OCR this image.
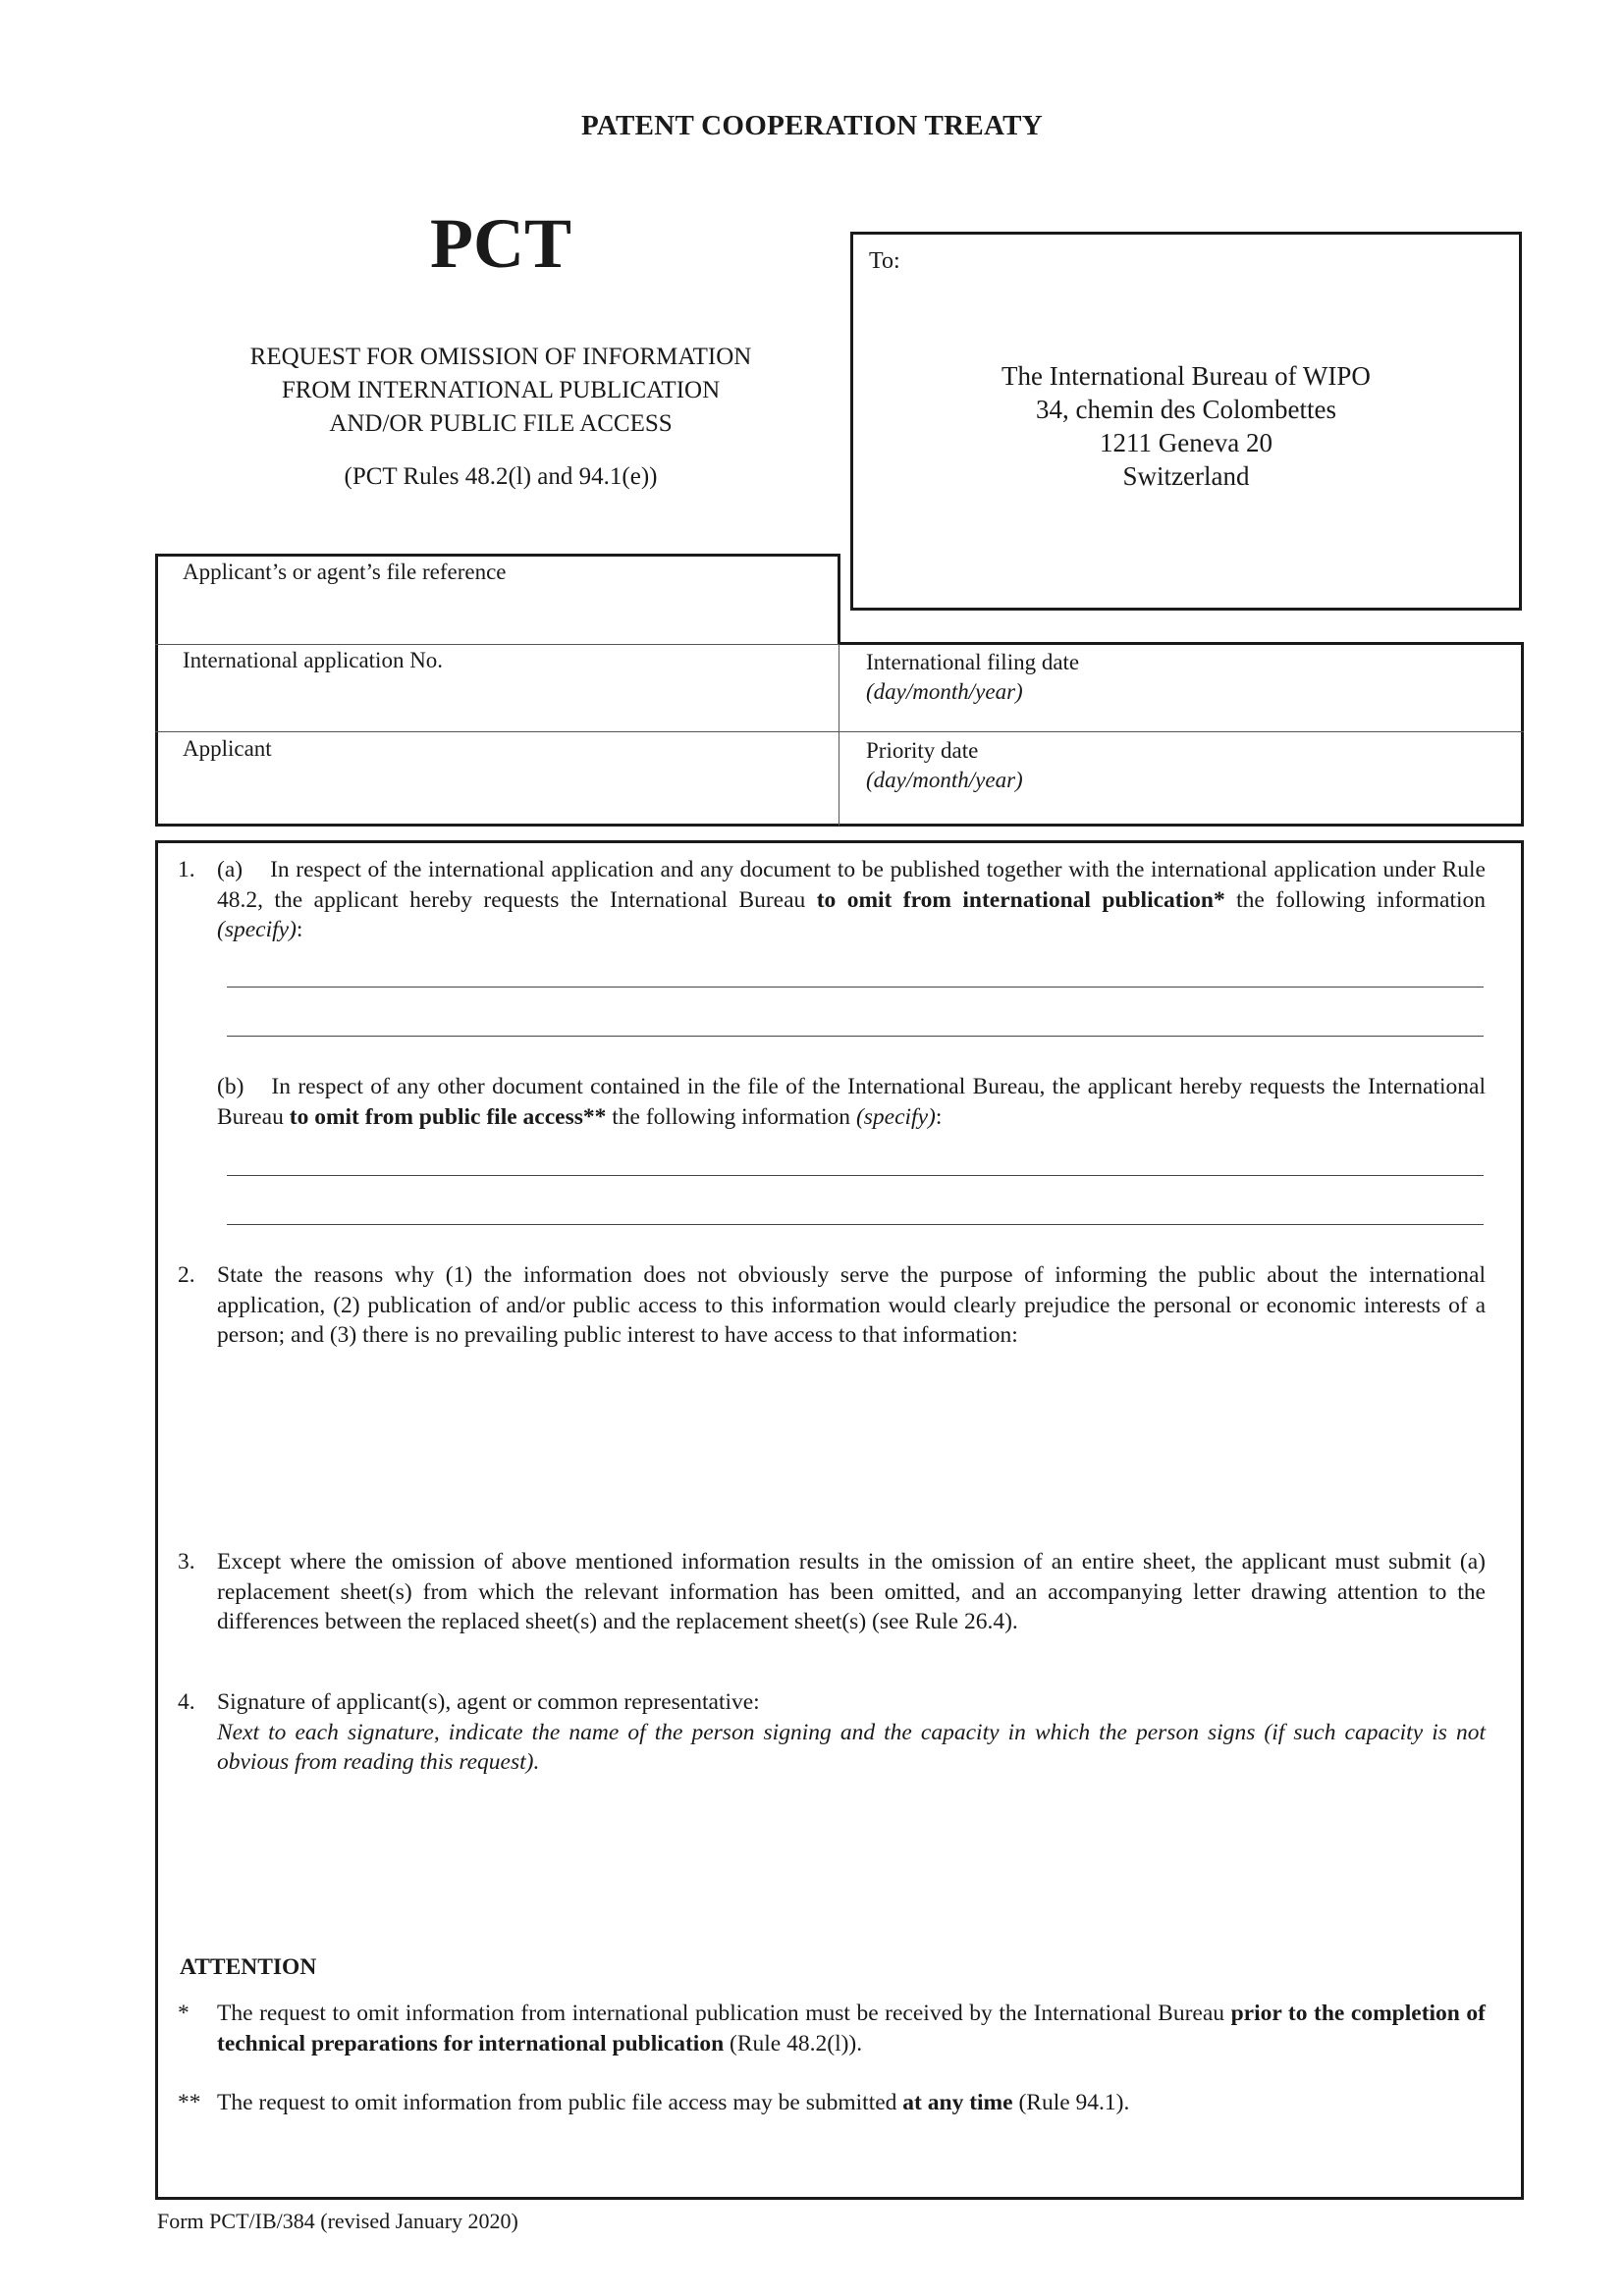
PATENT COOPERATION TREATY
PCT
REQUEST FOR OMISSION OF INFORMATION
FROM INTERNATIONAL PUBLICATION
AND/OR PUBLIC FILE ACCESS
(PCT Rules 48.2(l) and 94.1(e))
To:
The International Bureau of WIPO
34, chemin des Colombettes
1211 Geneva 20
Switzerland
Applicant’s or agent’s file reference
International application No.	International filing date
(day/month/year)
Applicant	Priority date
(day/month/year)
1. (a) In respect of the international application and any document to be published together with the international application under Rule 48.2, the applicant hereby requests the International Bureau to omit from international publication* the following information (specify):
(b) In respect of any other document contained in the file of the International Bureau, the applicant hereby requests the International Bureau to omit from public file access** the following information (specify):
2. State the reasons why (1) the information does not obviously serve the purpose of informing the public about the international application, (2) publication of and/or public access to this information would clearly prejudice the personal or economic interests of a person; and (3) there is no prevailing public interest to have access to that information:
3. Except where the omission of above mentioned information results in the omission of an entire sheet, the applicant must submit (a) replacement sheet(s) from which the relevant information has been omitted, and an accompanying letter drawing attention to the differences between the replaced sheet(s) and the replacement sheet(s) (see Rule 26.4).
4. Signature of applicant(s), agent or common representative:
Next to each signature, indicate the name of the person signing and the capacity in which the person signs (if such capacity is not obvious from reading this request).
ATTENTION
* The request to omit information from international publication must be received by the International Bureau prior to the completion of technical preparations for international publication (Rule 48.2(l)).
** The request to omit information from public file access may be submitted at any time (Rule 94.1).
Form PCT/IB/384 (revised January 2020)
